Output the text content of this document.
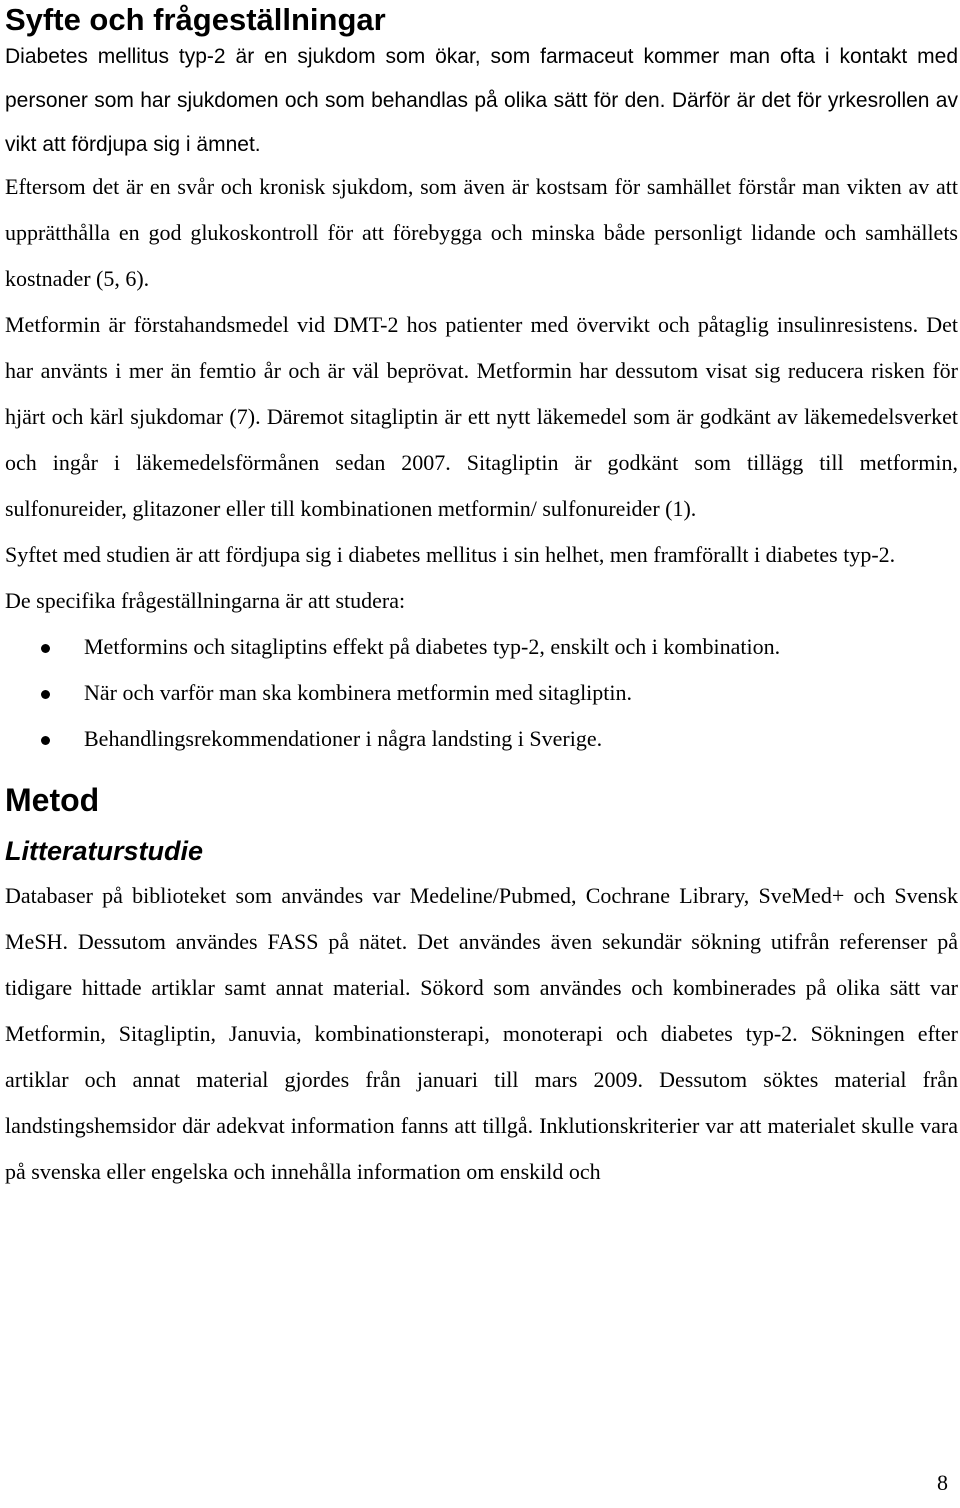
Syfte och frågeställningar

Diabetes mellitus typ-2 är en sjukdom som ökar, som farmaceut kommer man ofta i kontakt med personer som har sjukdomen och som behandlas på olika sätt för den. Därför är det för yrkesrollen av vikt att fördjupa sig i ämnet.

Eftersom det är en svår och kronisk sjukdom, som även är kostsam för samhället förstår man vikten av att upprätthålla en god glukoskontroll för att förebygga och minska både personligt lidande och samhällets kostnader (5, 6).

Metformin är förstahandsmedel vid DMT-2 hos patienter med övervikt och påtaglig insulinresistens. Det har använts i mer än femtio år och är väl beprövat. Metformin har dessutom visat sig reducera risken för hjärt och kärl sjukdomar (7). Däremot sitagliptin är ett nytt läkemedel som är godkänt av läkemedelsverket och ingår i läkemedelsförmånen sedan 2007. Sitagliptin är godkänt som tillägg till metformin, sulfonureider, glitazoner eller till kombinationen metformin/ sulfonureider (1).

Syftet med studien är att fördjupa sig i diabetes mellitus i sin helhet, men framförallt i diabetes typ-2.

De specifika frågeställningarna är att studera:

Metformins och sitagliptins effekt på diabetes typ-2, enskilt och i kombination.
När och varför man ska kombinera metformin med sitagliptin.
Behandlingsrekommendationer i några landsting i Sverige.
Metod
Litteraturstudie

Databaser på biblioteket som användes var Medeline/Pubmed, Cochrane Library, SveMed+ och Svensk MeSH. Dessutom användes FASS på nätet. Det användes även sekundär sökning utifrån referenser på tidigare hittade artiklar samt annat material. Sökord som användes och kombinerades på olika sätt var Metformin, Sitagliptin, Januvia, kombinationsterapi, monoterapi och diabetes typ-2. Sökningen efter artiklar och annat material gjordes från januari till mars 2009. Dessutom söktes material från landstingshemsidor där adekvat information fanns att tillgå. Inklutionskriterier var att materialet skulle vara på svenska eller engelska och innehålla information om enskild och

8
